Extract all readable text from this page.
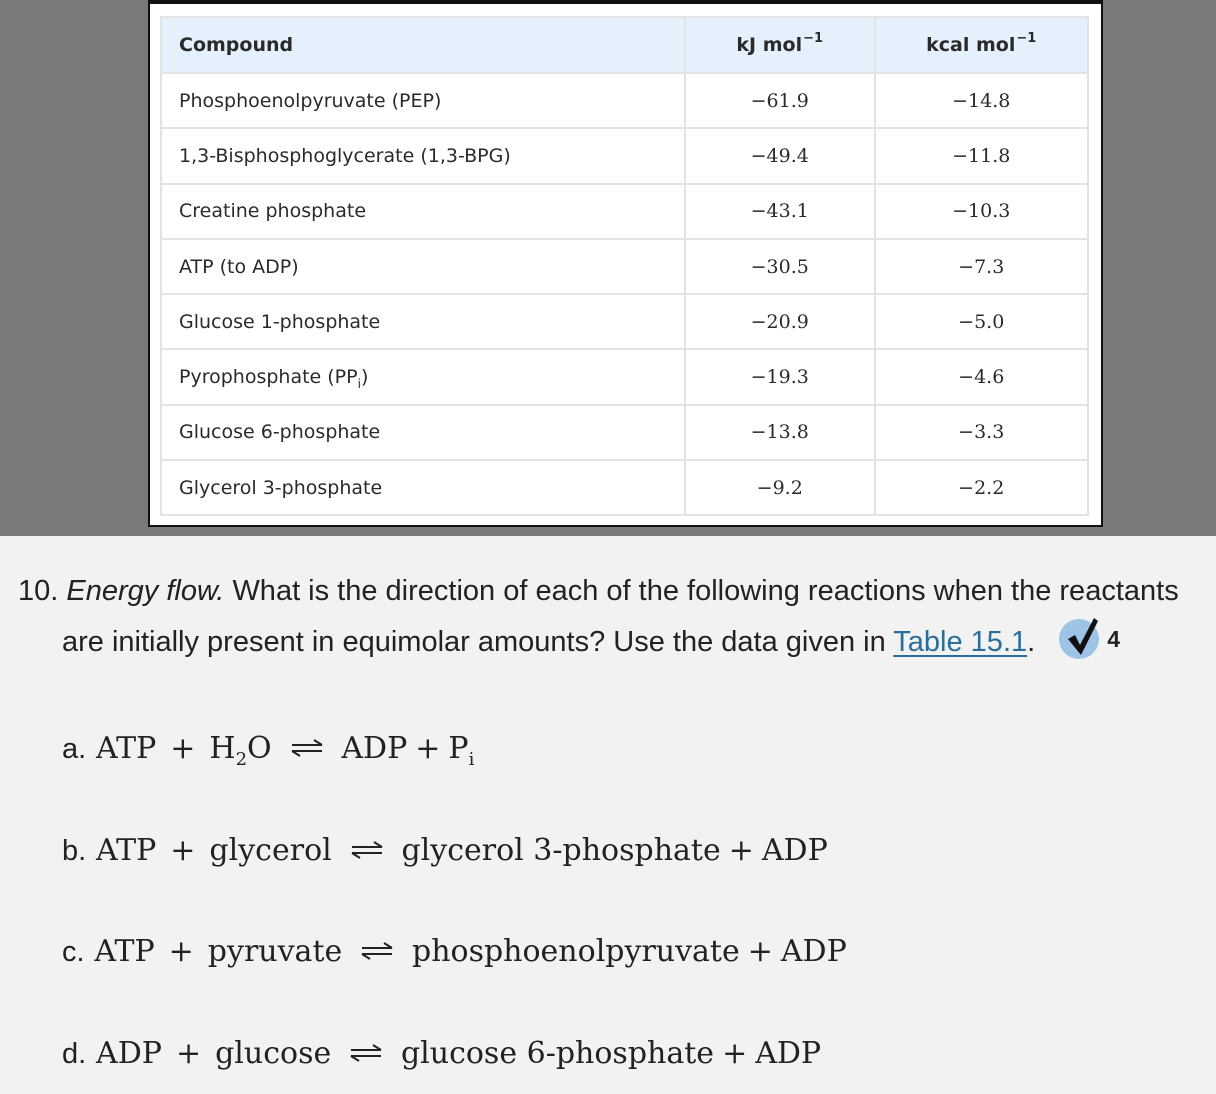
Compound	kJ mol$^{-1}$	kcal mol$^{-1}$
Phosphoenolpyruvate (PEP)	−61.9	−14.8
1,3-Bisphosphoglycerate (1,3-BPG)	−49.4	−11.8
Creatine phosphate	−43.1	−10.3
ATP (to ADP)	−30.5	−7.3
Glucose 1-phosphate	−20.9	−5.0
Pyrophosphate $(PP_i)$	−19.3	−4.6
Glucose 6-phosphate	−13.8	−3.3
Glycerol 3-phosphate	−9.2	−2.2
10. Energy flow. What is the direction of each of the following reactions when the reactants
are initially present in equimolar amounts? Use the data given in Table 15.1.	4
a. ATP + $H_2O$ ⇌ ADP + $P_i$
b. ATP + glycerol ⇌ glycerol 3-phosphate + ADP
c. ATP + pyruvate ⇌ phosphoenolpyruvate + ADP
d. ADP + glucose ⇌ glucose 6-phosphate + ADP
